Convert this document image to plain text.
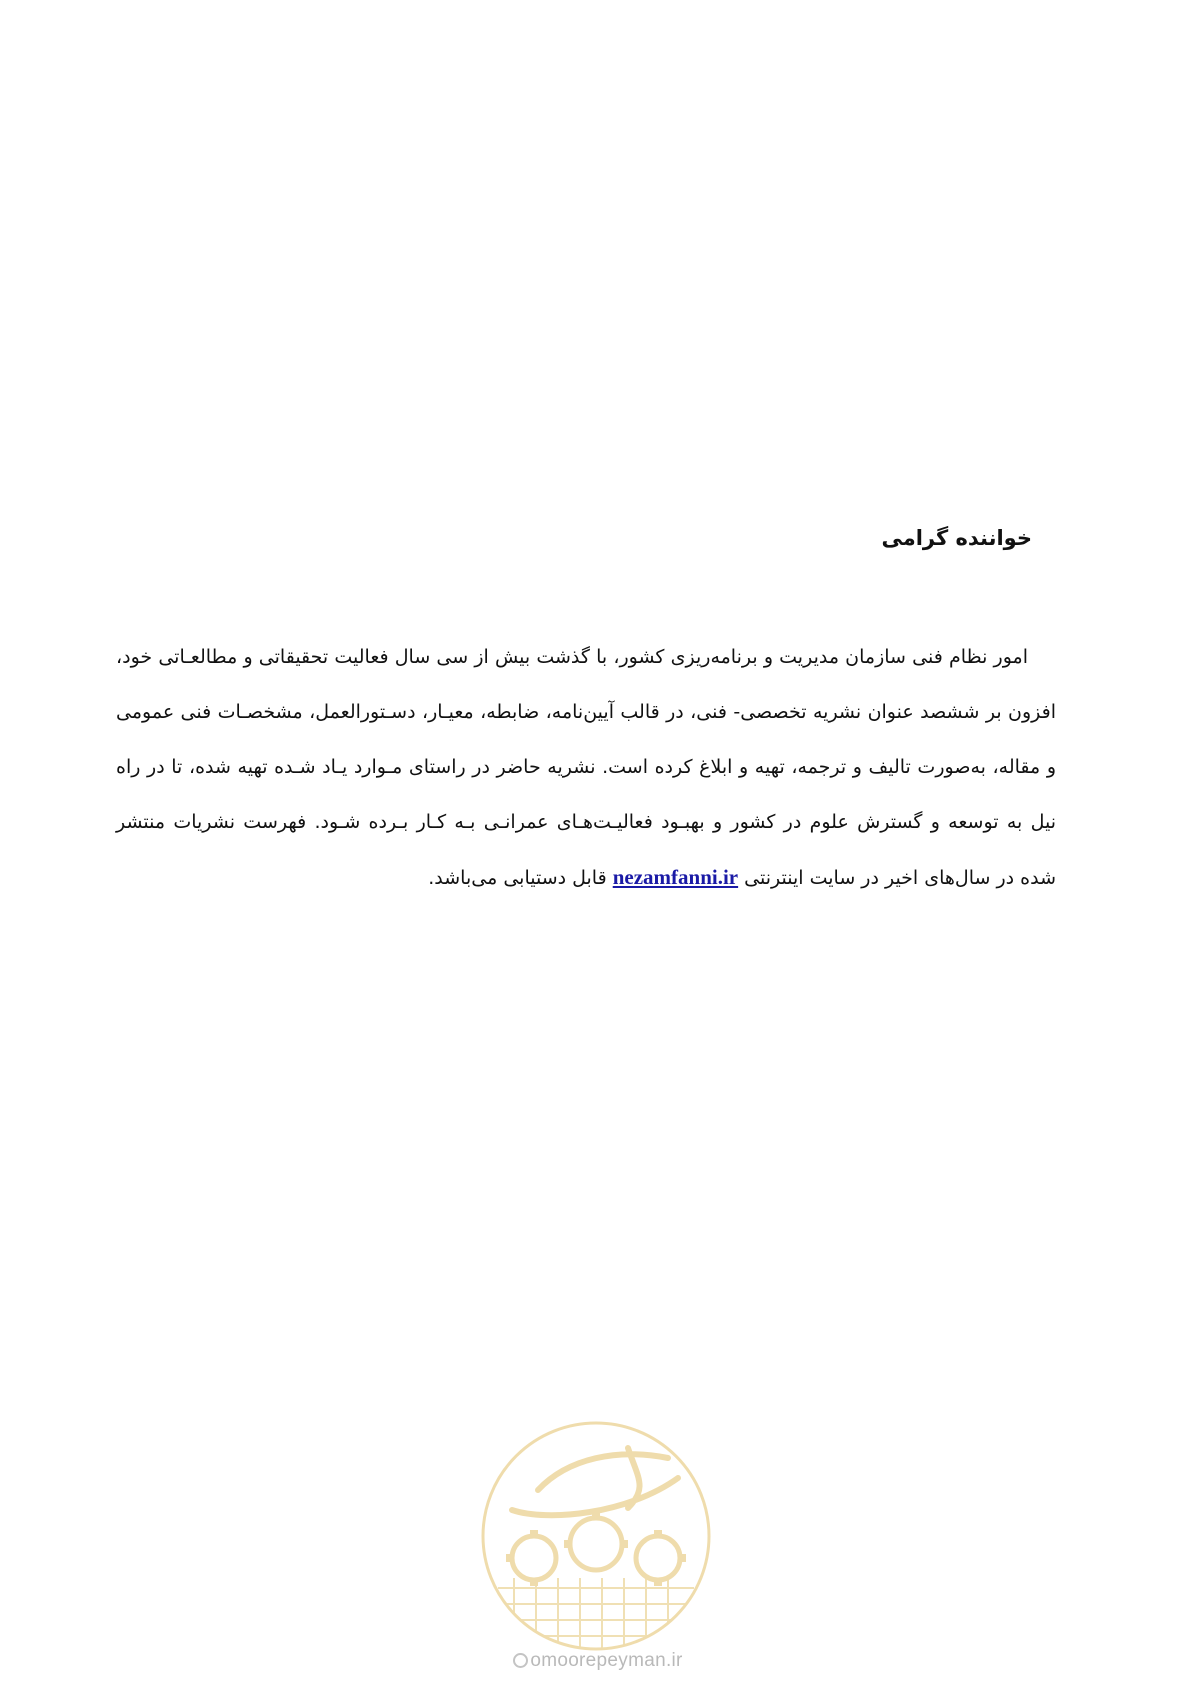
خواننده گرامی

امور نظام فنی سازمان مدیریت و برنامه‌ریزی کشور، با گذشت بیش از سی سال فعالیت تحقیقاتی و مطالعـاتی خود، افزون بر ششصد عنوان نشریه تخصصی- فنی، در قالب آیین‌نامه، ضابطه، معیـار، دسـتورالعمل، مشخصـات فنی عمومی و مقاله، به‌صورت تالیف و ترجمه، تهیه و ابلاغ کرده است. نشریه حاضر در راستای مـوارد یـاد شـده تهیه شده، تا در راه نیل به توسعه و گسترش علوم در کشور و بهبـود فعالیـت‌هـای عمرانـی بـه کـار بـرده شـود. فهرست نشریات منتشر شده در سال‌های اخیر در سایت اینترنتی nezamfanni.ir قابل دستیابی می‌باشد.

omoorepeyman.ir
